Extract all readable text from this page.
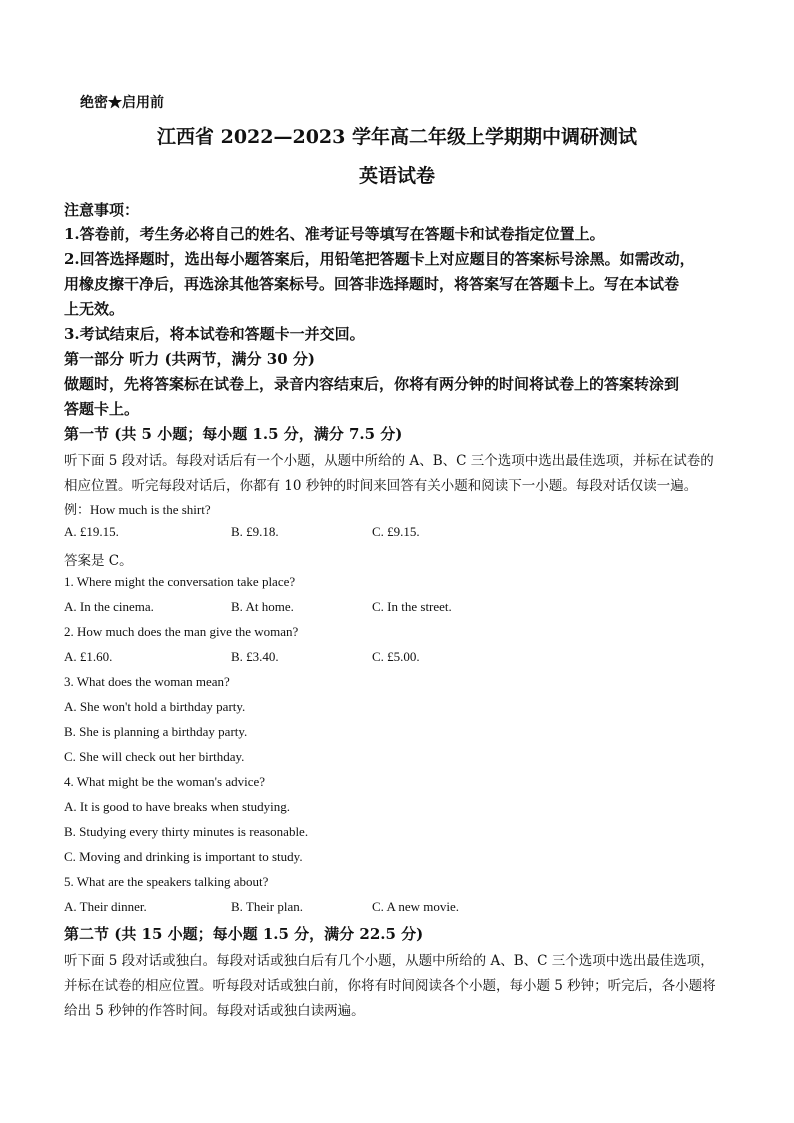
绝密★启用前
江西省 2022—2023 学年高二年级上学期期中调研测试
英语试卷
注意事项：
1.答卷前，考生务必将自己的姓名、准考证号等填写在答题卡和试卷指定位置上。
2.回答选择题时，选出每小题答案后，用铅笔把答题卡上对应题目的答案标号涂黑。如需改动，
用橡皮擦干净后，再选涂其他答案标号。回答非选择题时，将答案写在答题卡上。写在本试卷
上无效。
3.考试结束后，将本试卷和答题卡一并交回。
第一部分 听力 (共两节，满分 30 分)
做题时，先将答案标在试卷上，录音内容结束后，你将有两分钟的时间将试卷上的答案转涂到
答题卡上。
第一节 (共 5 小题；每小题 1.5 分，满分 7.5 分)
听下面 5 段对话。每段对话后有一个小题，从题中所给的 A、B、C 三个选项中选出最佳选项，并标在试卷的
相应位置。听完每段对话后，你都有 10 秒钟的时间来回答有关小题和阅读下一小题。每段对话仅读一遍。
例：How much is the shirt?
A. £19.15.	B. £9.18.	C. £9.15.
答案是 C。
1. Where might the conversation take place?
A. In the cinema.	B. At home.	C. In the street.
2. How much does the man give the woman?
A. £1.60.	B. £3.40.	C. £5.00.
3. What does the woman mean?
A. She won't hold a birthday party.
B. She is planning a birthday party.
C. She will check out her birthday.
4. What might be the woman's advice?
A. It is good to have breaks when studying.
B. Studying every thirty minutes is reasonable.
C. Moving and drinking is important to study.
5. What are the speakers talking about?
A. Their dinner.	B. Their plan.	C. A new movie.
第二节 (共 15 小题；每小题 1.5 分，满分 22.5 分)
听下面 5 段对话或独白。每段对话或独白后有几个小题，从题中所给的 A、B、C 三个选项中选出最佳选项，
并标在试卷的相应位置。听每段对话或独白前，你将有时间阅读各个小题，每小题 5 秒钟；听完后，各小题将
给出 5 秒钟的作答时间。每段对话或独白读两遍。
